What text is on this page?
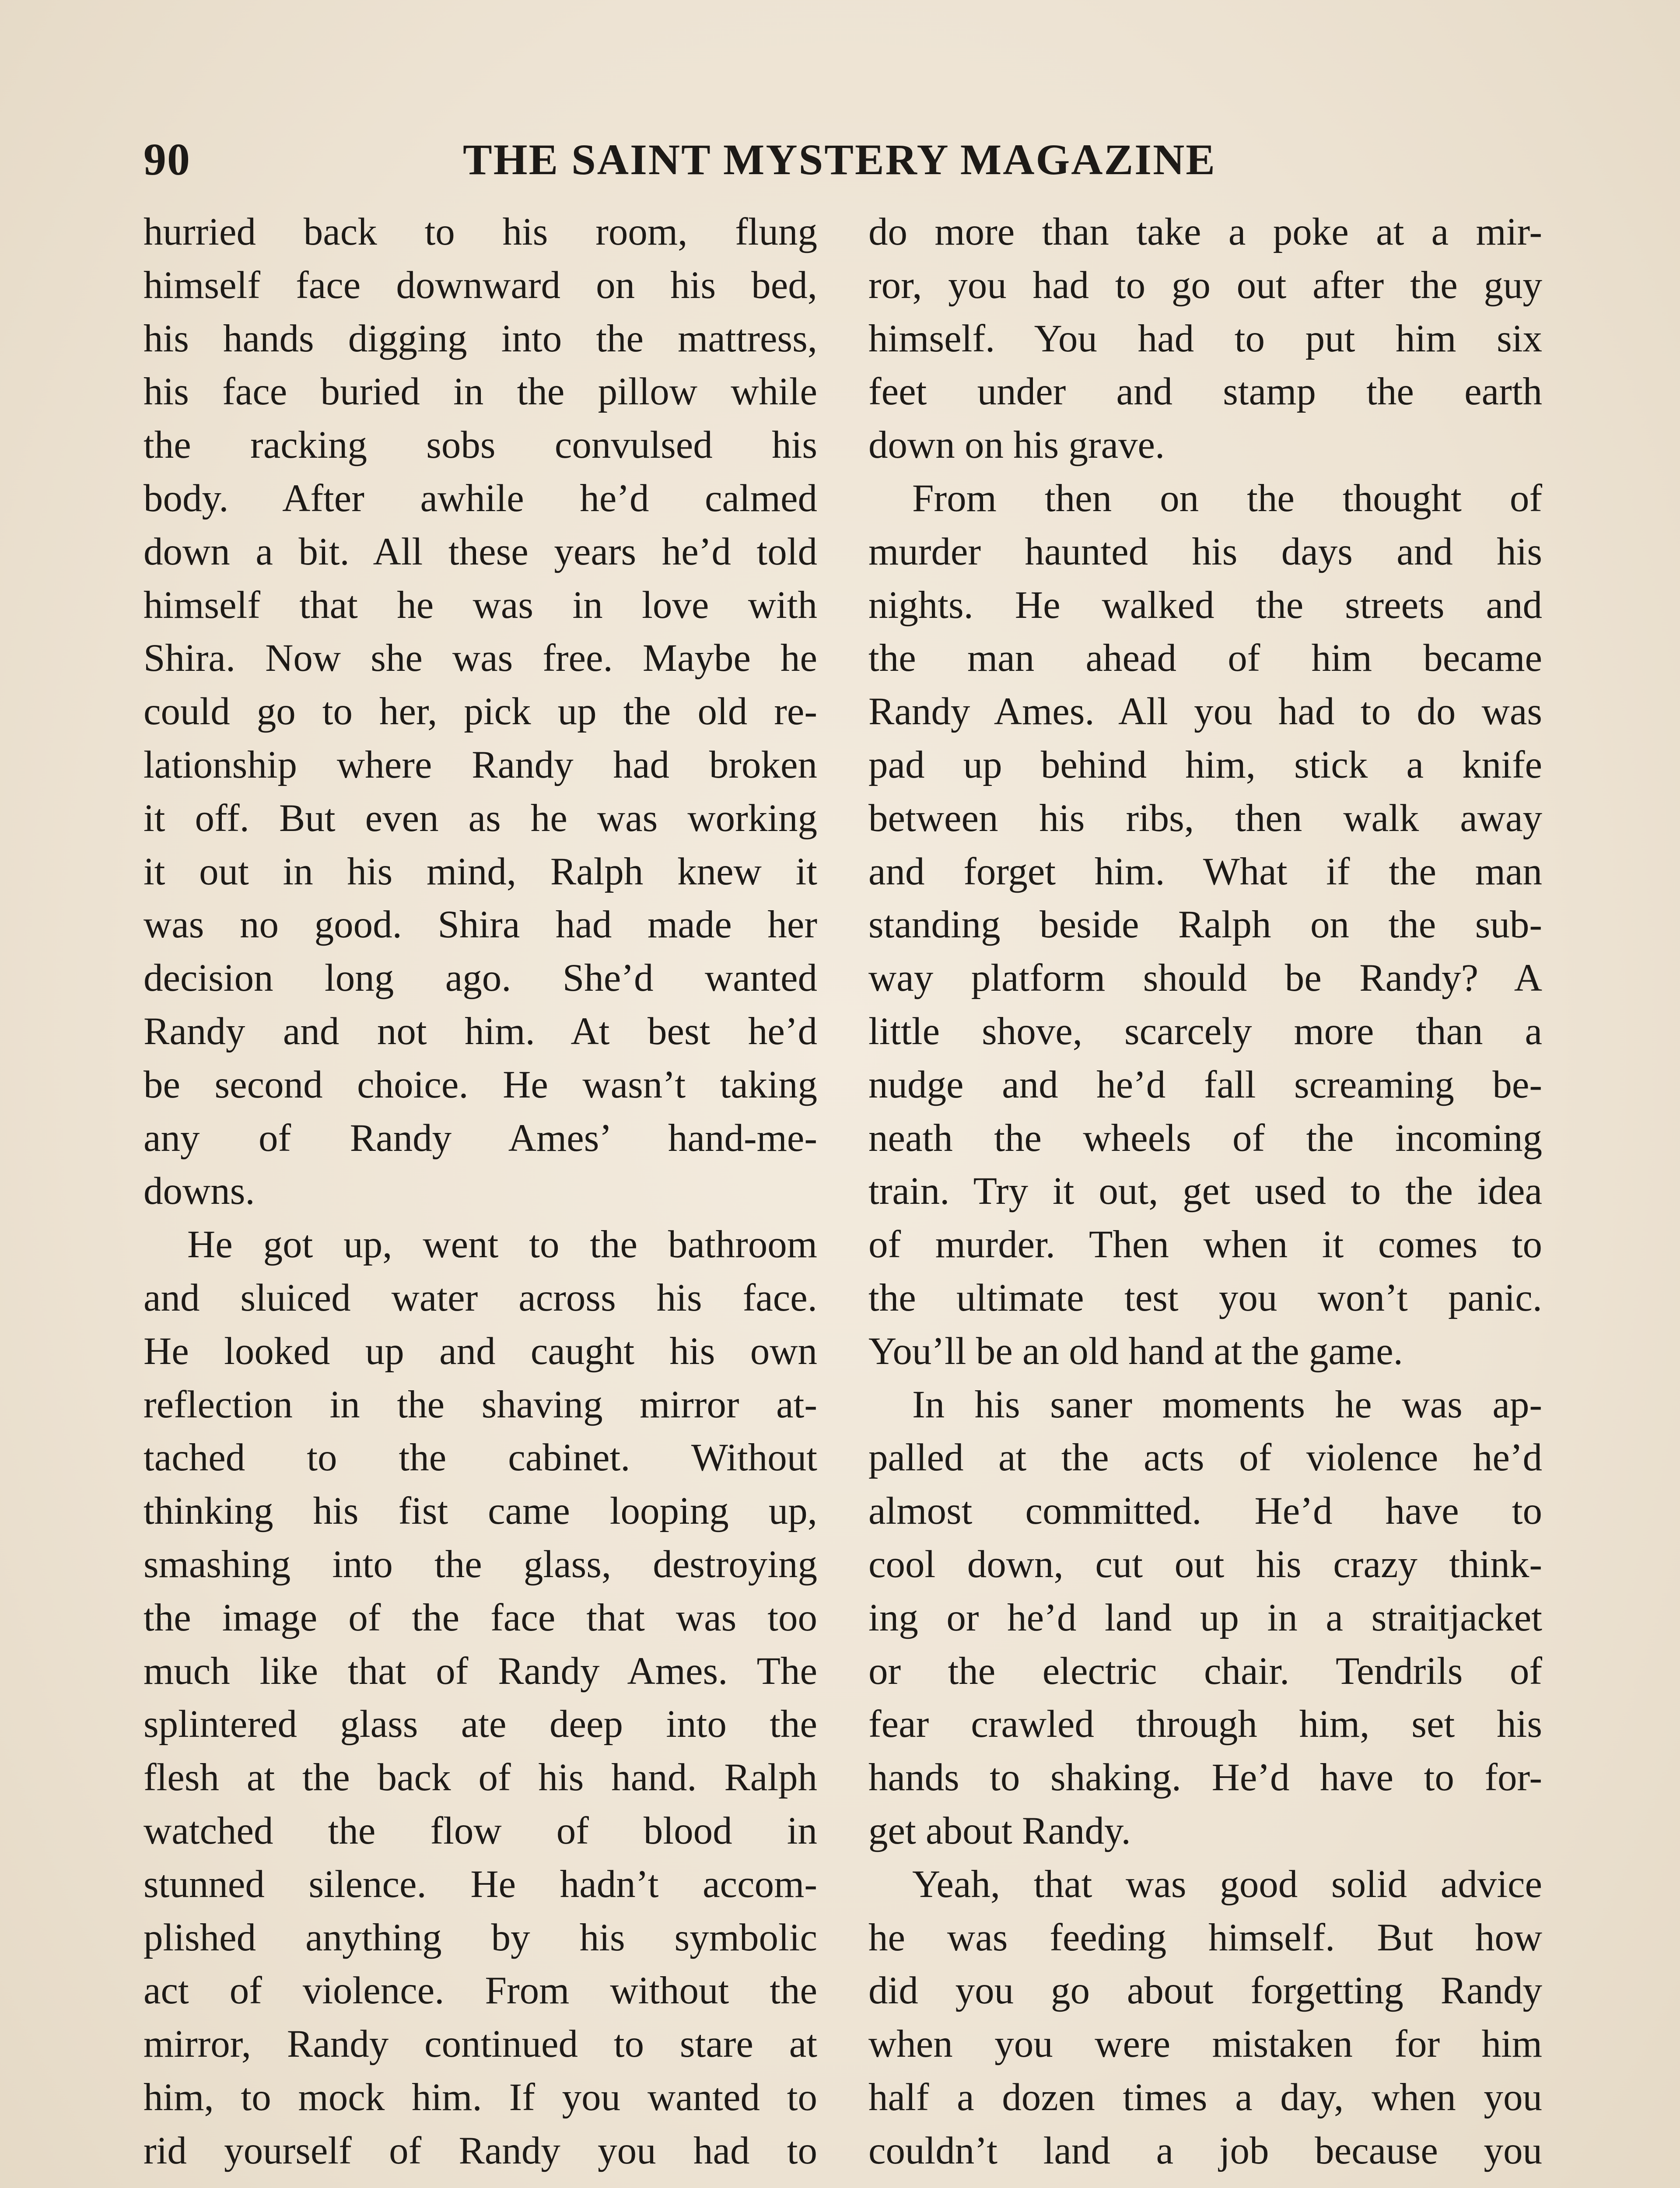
90	THE SAINT MYSTERY MAGAZINE
hurried back to his room, flung
himself face downward on his bed,
his hands digging into the mattress,
his face buried in the pillow while
the racking sobs convulsed his
body. After awhile he’d calmed
down a bit. All these years he’d told
himself that he was in love with
Shira. Now she was free. Maybe he
could go to her, pick up the old re-
lationship where Randy had broken
it off. But even as he was working
it out in his mind, Ralph knew it
was no good. Shira had made her
decision long ago. She’d wanted
Randy and not him. At best he’d
be second choice. He wasn’t taking
any of Randy Ames’ hand-me-
downs.
He got up, went to the bathroom
and sluiced water across his face.
He looked up and caught his own
reflection in the shaving mirror at-
tached to the cabinet. Without
thinking his fist came looping up,
smashing into the glass, destroying
the image of the face that was too
much like that of Randy Ames. The
splintered glass ate deep into the
flesh at the back of his hand. Ralph
watched the flow of blood in
stunned silence. He hadn’t accom-
plished anything by his symbolic
act of violence. From without the
mirror, Randy continued to stare at
him, to mock him. If you wanted to
rid yourself of Randy you had to
do more than take a poke at a mir-
ror, you had to go out after the guy
himself. You had to put him six
feet under and stamp the earth
down on his grave.
From then on the thought of
murder haunted his days and his
nights. He walked the streets and
the man ahead of him became
Randy Ames. All you had to do was
pad up behind him, stick a knife
between his ribs, then walk away
and forget him. What if the man
standing beside Ralph on the sub-
way platform should be Randy? A
little shove, scarcely more than a
nudge and he’d fall screaming be-
neath the wheels of the incoming
train. Try it out, get used to the idea
of murder. Then when it comes to
the ultimate test you won’t panic.
You’ll be an old hand at the game.
In his saner moments he was ap-
palled at the acts of violence he’d
almost committed. He’d have to
cool down, cut out his crazy think-
ing or he’d land up in a straitjacket
or the electric chair. Tendrils of
fear crawled through him, set his
hands to shaking. He’d have to for-
get about Randy.
Yeah, that was good solid advice
he was feeding himself. But how
did you go about forgetting Randy
when you were mistaken for him
half a dozen times a day, when you
couldn’t land a job because you
